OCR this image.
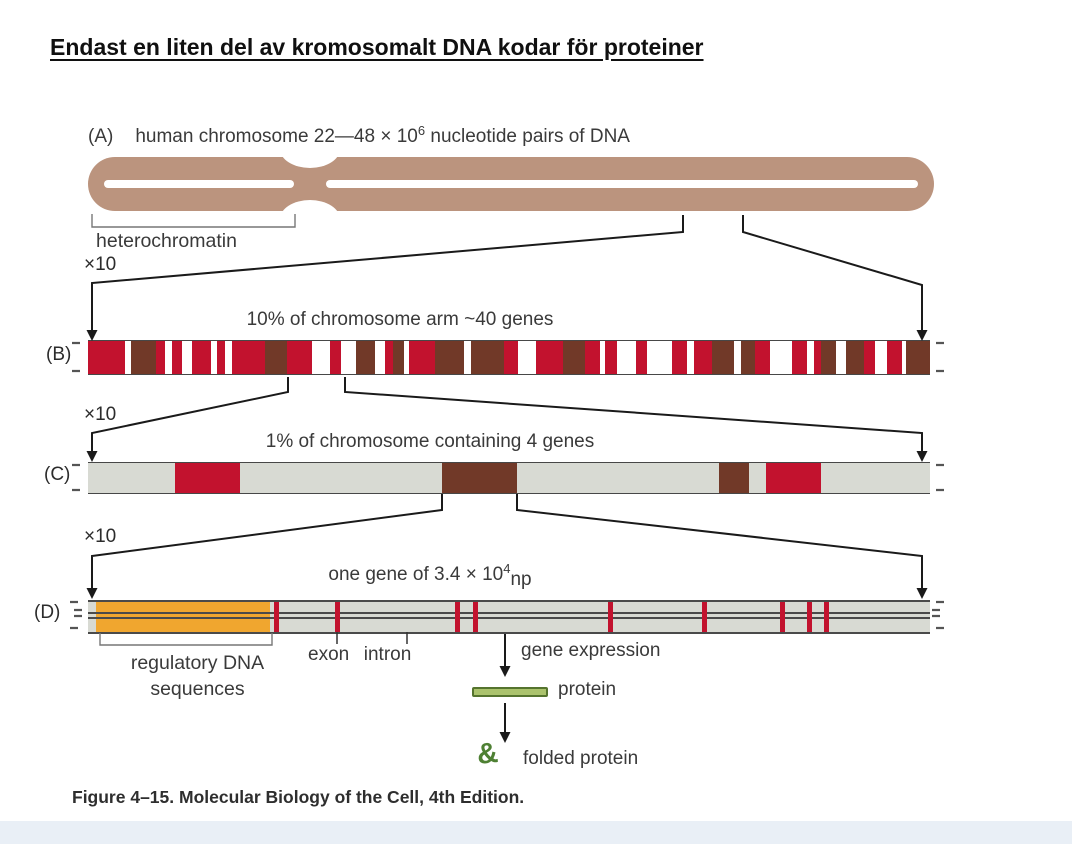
Endast en liten del av kromosomalt DNA kodar för proteiner
(A) human chromosome 22—48 × $10^6$ nucleotide pairs of DNA
heterochromatin
×10
×10
×10
10% of chromosome arm ~40 genes
(B)
1% of chromosome containing 4 genes
(C)
one gene of $3.4 \times 10^4np$
(D)
regulatory DNA
sequences
exon intron	gene expression
protein
& folded protein
Figure 4–15. Molecular Biology of the Cell, 4th Edition.
